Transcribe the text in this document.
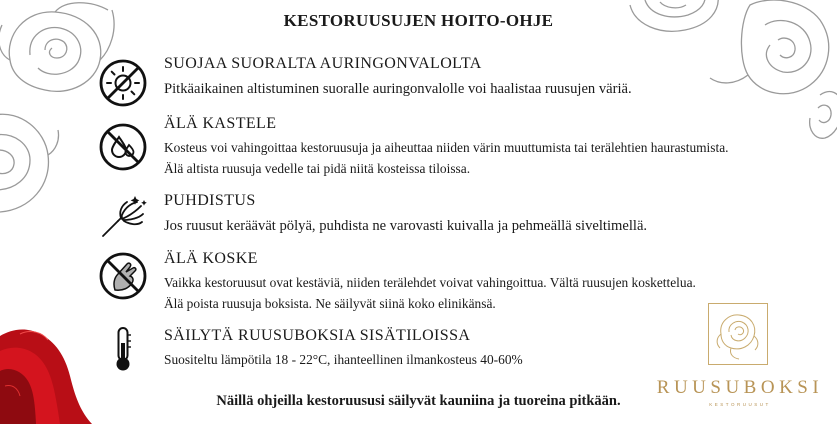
KESTORUUSUJEN HOITO-OHJE
SUOJAA SUORALTA AURINGONVALOLTA
Pitkäaikainen altistuminen suoralle auringonvalolle voi haalistaa ruusujen väriä.
ÄLÄ KASTELE
Kosteus voi vahingoittaa kestoruusuja ja aiheuttaa niiden värin muuttumista tai terälehtien haurastumista.
Älä altista ruusuja vedelle tai pidä niitä kosteissa tiloissa.
PUHDISTUS
Jos ruusut keräävät pölyä, puhdista ne varovasti kuivalla ja pehmeällä siveltimellä.
ÄLÄ KOSKE
Vaikka kestoruusut ovat kestäviä, niiden terälehdet voivat vahingoittua. Vältä ruusujen koskettelua.
Älä poista ruusuja boksista. Ne säilyvät siinä koko elinikänsä.
SÄILYTÄ RUUSUBOKSIA SISÄTILOISSA
Suositeltu lämpötila 18 - 22°C, ihanteellinen ilmankosteus 40-60%
Näillä ohjeilla kestoruususi säilyvät kauniina ja tuoreina pitkään.
RUUSUBOKSI
KESTORUUSUT
